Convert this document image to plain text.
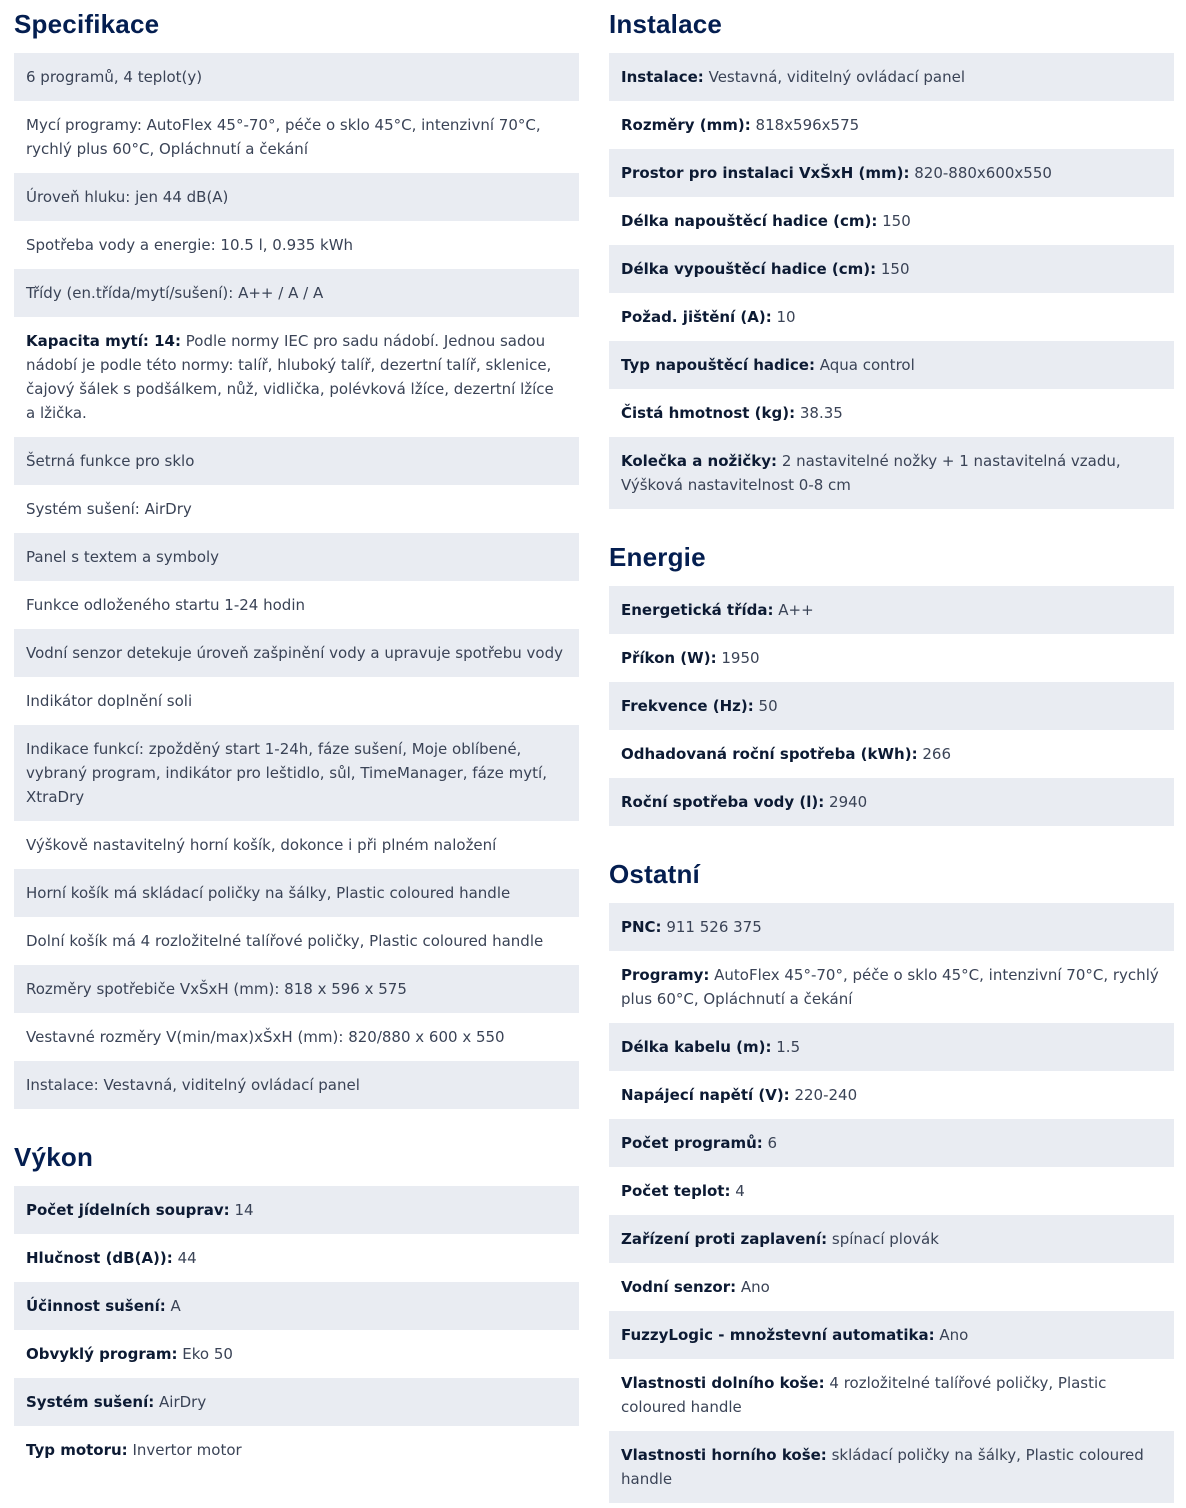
Specifikace
6 programů, 4 teplot(y)
Mycí programy: AutoFlex 45°-70°, péče o sklo 45°C, intenzivní 70°C, rychlý plus 60°C, Opláchnutí a čekání
Úroveň hluku: jen 44 dB(A)
Spotřeba vody a energie: 10.5 l, 0.935 kWh
Třídy (en.třída/mytí/sušení): A++ / A / A
Kapacita mytí: 14: Podle normy IEC pro sadu nádobí. Jednou sadou nádobí je podle této normy: talíř, hluboký talíř, dezertní talíř, sklenice, čajový šálek s podšálkem, nůž, vidlička, polévková lžíce, dezertní lžíce a lžička.
Šetrná funkce pro sklo
Systém sušení: AirDry
Panel s textem a symboly
Funkce odloženého startu 1-24 hodin
Vodní senzor detekuje úroveň zašpinění vody a upravuje spotřebu vody
Indikátor doplnění soli
Indikace funkcí: zpožděný start 1-24h, fáze sušení, Moje oblíbené, vybraný program, indikátor pro leštidlo, sůl, TimeManager, fáze mytí, XtraDry
Výškově nastavitelný horní košík, dokonce i při plném naložení
Horní košík má skládací poličky na šálky, Plastic coloured handle
Dolní košík má 4 rozložitelné talířové poličky, Plastic coloured handle
Rozměry spotřebiče VxŠxH (mm): 818 x 596 x 575
Vestavné rozměry V(min/max)xŠxH (mm): 820/880 x 600 x 550
Instalace: Vestavná, viditelný ovládací panel
Výkon
Počet jídelních souprav: 14
Hlučnost (dB(A)): 44
Účinnost sušení: A
Obvyklý program: Eko 50
Systém sušení: AirDry
Typ motoru: Invertor motor
Instalace
Instalace: Vestavná, viditelný ovládací panel
Rozměry (mm): 818x596x575
Prostor pro instalaci VxŠxH (mm): 820-880x600x550
Délka napouštěcí hadice (cm): 150
Délka vypouštěcí hadice (cm): 150
Požad. jištění (A): 10
Typ napouštěcí hadice: Aqua control
Čistá hmotnost (kg): 38.35
Kolečka a nožičky: 2 nastavitelné nožky + 1 nastavitelná vzadu, Výšková nastavitelnost 0-8 cm
Energie
Energetická třída: A++
Příkon (W): 1950
Frekvence (Hz): 50
Odhadovaná roční spotřeba (kWh): 266
Roční spotřeba vody (l): 2940
Ostatní
PNC: 911 526 375
Programy: AutoFlex 45°-70°, péče o sklo 45°C, intenzivní 70°C, rychlý plus 60°C, Opláchnutí a čekání
Délka kabelu (m): 1.5
Napájecí napětí (V): 220-240
Počet programů: 6
Počet teplot: 4
Zařízení proti zaplavení: spínací plovák
Vodní senzor: Ano
FuzzyLogic - množstevní automatika: Ano
Vlastnosti dolního koše: 4 rozložitelné talířové poličky, Plastic coloured handle
Vlastnosti horního koše: skládací poličky na šálky, Plastic coloured handle
